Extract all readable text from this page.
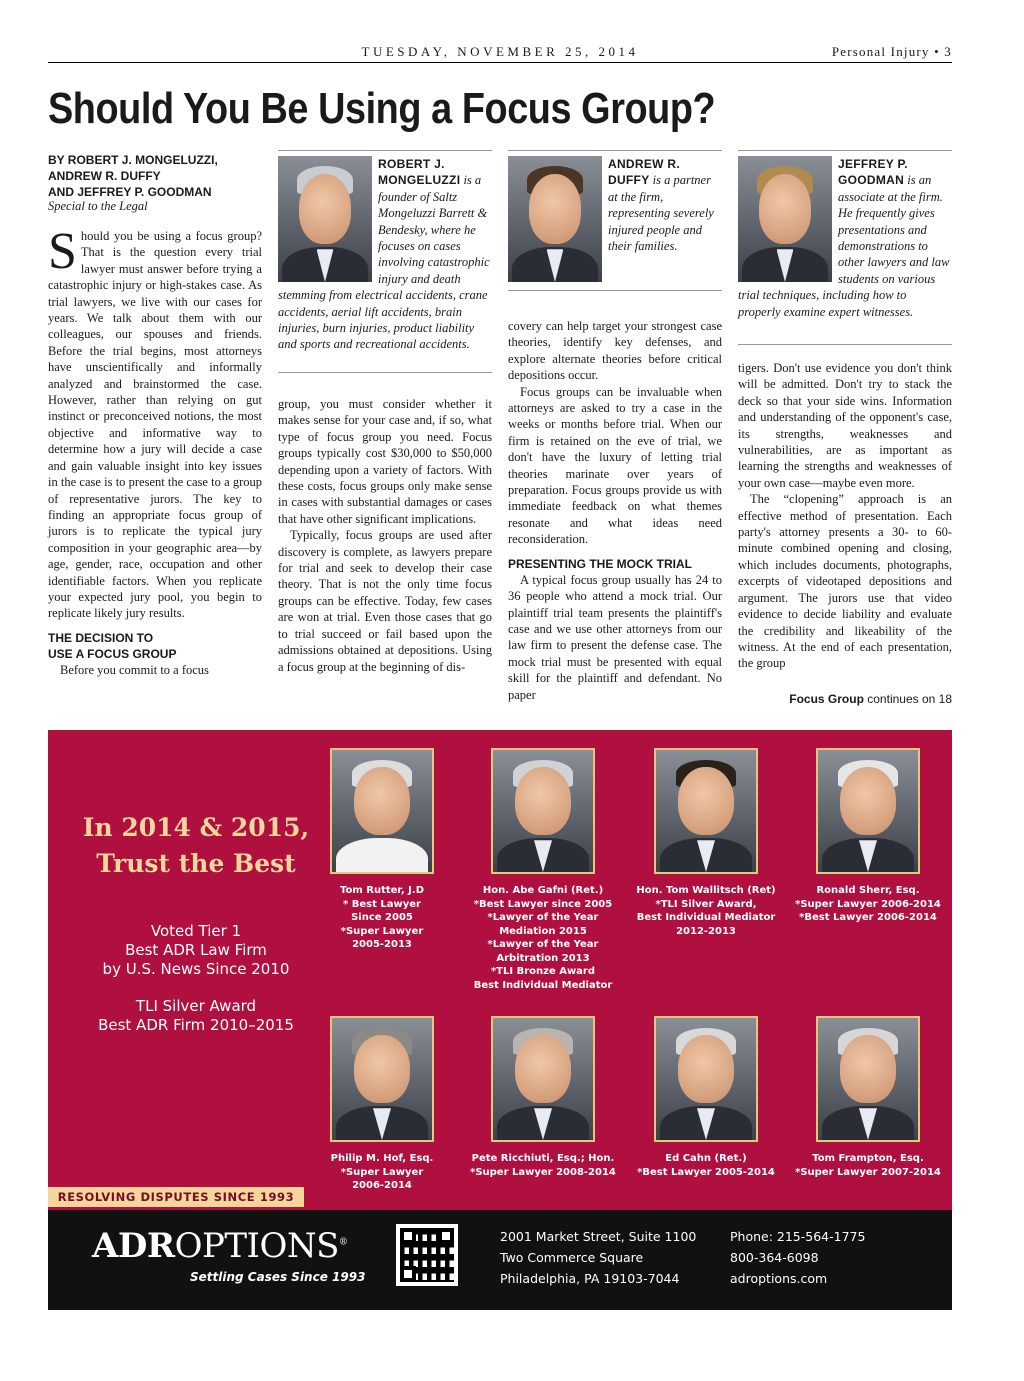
TUESDAY, NOVEMBER 25, 2014	Personal Injury • 3
Should You Be Using a Focus Group?
BY ROBERT J. MONGELUZZI,
ANDREW R. DUFFY
AND JEFFREY P. GOODMAN
Special to the Legal

Should you be using a focus group? That is the question every trial lawyer must answer before trying a catastrophic injury or high-stakes case. As trial lawyers, we live with our cases for years. We talk about them with our colleagues, our spouses and friends. Before the trial begins, most attorneys have unscientifically and informally analyzed and brainstormed the case. However, rather than relying on gut instinct or preconceived notions, the most objective and informative way to determine how a jury will decide a case and gain valuable insight into key issues in the case is to present the case to a group of representative jurors. The key to finding an appropriate focus group of jurors is to replicate the typical jury composition in your geographic area—by age, gender, race, occupation and other identifiable factors. When you replicate your expected jury pool, you begin to replicate likely jury results.

THE DECISION TO
USE A FOCUS GROUP

Before you commit to a focus

ROBERT J. MONGELUZZI is a founder of Saltz Mongeluzzi Barrett & Bendesky, where he focuses on cases involving catastrophic injury and death stemming from electrical accidents, crane accidents, aerial lift accidents, brain injuries, burn injuries, product liability and sports and recreational accidents.

group, you must consider whether it makes sense for your case and, if so, what type of focus group you need. Focus groups typically cost $30,000 to $50,000 depending upon a variety of factors. With these costs, focus groups only make sense in cases with substantial damages or cases that have other significant implications.

Typically, focus groups are used after discovery is complete, as lawyers prepare for trial and seek to develop their case theory. That is not the only time focus groups can be effective. Today, few cases are won at trial. Even those cases that go to trial succeed or fail based upon the admissions obtained at depositions. Using a focus group at the beginning of dis-

ANDREW R. DUFFY is a partner at the firm, representing severely injured people and their families.

covery can help target your strongest case theories, identify key defenses, and explore alternate theories before critical depositions occur.

Focus groups can be invaluable when attorneys are asked to try a case in the weeks or months before trial. When our firm is retained on the eve of trial, we don't have the luxury of letting trial theories marinate over years of preparation. Focus groups provide us with immediate feedback on what themes resonate and what ideas need reconsideration.

PRESENTING THE MOCK TRIAL

A typical focus group usually has 24 to 36 people who attend a mock trial. Our plaintiff trial team presents the plaintiff's case and we use other attorneys from our law firm to present the defense case. The mock trial must be presented with equal skill for the plaintiff and defendant. No paper

JEFFREY P. GOODMAN is an associate at the firm. He frequently gives presentations and demonstrations to other lawyers and law students on various trial techniques, including how to properly examine expert witnesses.

tigers. Don't use evidence you don't think will be admitted. Don't try to stack the deck so that your side wins. Information and understanding of the opponent's case, its strengths, weaknesses and vulnerabilities, are as important as learning the strengths and weaknesses of your own case—maybe even more.

The “clopening” approach is an effective method of presentation. Each party's attorney presents a 30- to 60-minute combined opening and closing, which includes documents, photographs, excerpts of videotaped depositions and argument. The jurors use that video evidence to decide liability and evaluate the credibility and likeability of the witness. At the end of each presentation, the group

Focus Group continues on 18
In 2014 & 2015,
Trust the Best
Voted Tier 1
Best ADR Law Firm
by U.S. News Since 2010
TLI Silver Award
Best ADR Firm 2010–2015
Tom Rutter, J.D
* Best Lawyer
Since 2005
*Super Lawyer
2005-2013
Hon. Abe Gafni (Ret.)
*Best Lawyer since 2005
*Lawyer of the Year
Mediation 2015
*Lawyer of the Year
Arbitration 2013
*TLI Bronze Award
Best Individual Mediator
Hon. Tom Wallitsch (Ret)
*TLI Silver Award,
Best Individual Mediator
2012-2013
Ronald Sherr, Esq.
*Super Lawyer 2006-2014
*Best Lawyer 2006-2014
Philip M. Hof, Esq.
*Super Lawyer
2006-2014
Pete Ricchiuti, Esq.; Hon.
*Super Lawyer 2008-2014
Ed Cahn (Ret.)
*Best Lawyer 2005-2014
Tom Frampton, Esq.
*Super Lawyer 2007-2014
RESOLVING DISPUTES SINCE 1993
ADROPTIONS®
Settling Cases Since 1993
2001 Market Street, Suite 1100
Two Commerce Square
Philadelphia, PA 19103-7044
Phone: 215-564-1775
800-364-6098
adroptions.com
